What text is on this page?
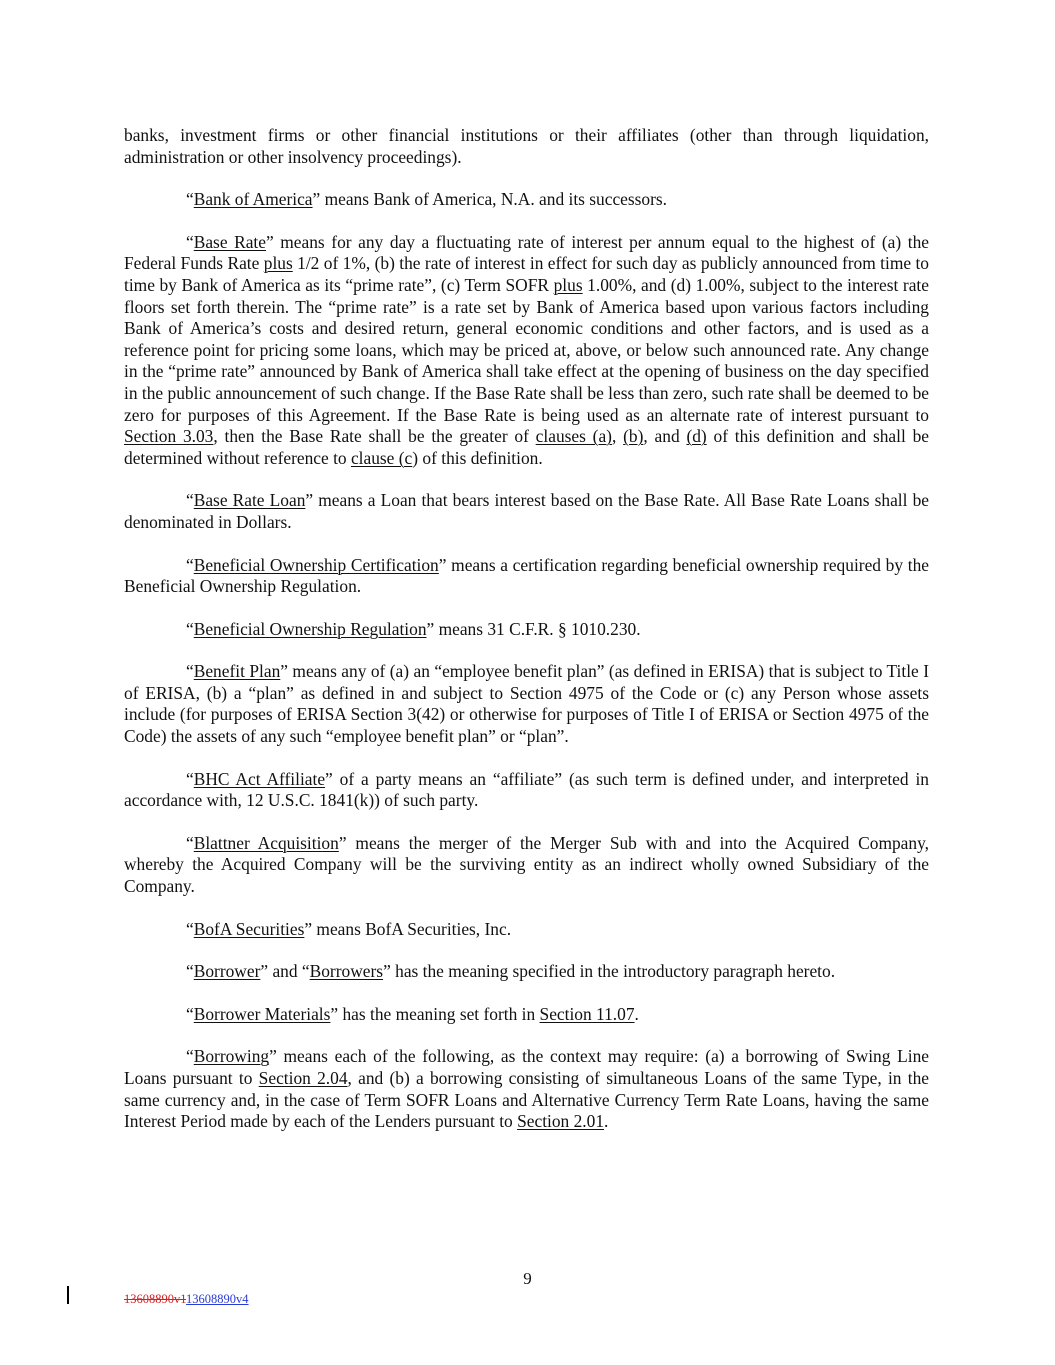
banks, investment firms or other financial institutions or their affiliates (other than through liquidation, administration or other insolvency proceedings).

“Bank of America” means Bank of America, N.A. and its successors.

“Base Rate” means for any day a fluctuating rate of interest per annum equal to the highest of (a) the Federal Funds Rate plus 1/2 of 1%, (b) the rate of interest in effect for such day as publicly announced from time to time by Bank of America as its “prime rate”, (c) Term SOFR plus 1.00%, and (d) 1.00%, subject to the interest rate floors set forth therein. The “prime rate” is a rate set by Bank of America based upon various factors including Bank of America’s costs and desired return, general economic conditions and other factors, and is used as a reference point for pricing some loans, which may be priced at, above, or below such announced rate. Any change in the “prime rate” announced by Bank of America shall take effect at the opening of business on the day specified in the public announcement of such change. If the Base Rate shall be less than zero, such rate shall be deemed to be zero for purposes of this Agreement. If the Base Rate is being used as an alternate rate of interest pursuant to Section 3.03, then the Base Rate shall be the greater of clauses (a), (b), and (d) of this definition and shall be determined without reference to clause (c) of this definition.

“Base Rate Loan” means a Loan that bears interest based on the Base Rate. All Base Rate Loans shall be denominated in Dollars.

“Beneficial Ownership Certification” means a certification regarding beneficial ownership required by the Beneficial Ownership Regulation.

“Beneficial Ownership Regulation” means 31 C.F.R. § 1010.230.

“Benefit Plan” means any of (a) an “employee benefit plan” (as defined in ERISA) that is subject to Title I of ERISA, (b) a “plan” as defined in and subject to Section 4975 of the Code or (c) any Person whose assets include (for purposes of ERISA Section 3(42) or otherwise for purposes of Title I of ERISA or Section 4975 of the Code) the assets of any such “employee benefit plan” or “plan”.

“BHC Act Affiliate” of a party means an “affiliate” (as such term is defined under, and interpreted in accordance with, 12 U.S.C. 1841(k)) of such party.

“Blattner Acquisition” means the merger of the Merger Sub with and into the Acquired Company, whereby the Acquired Company will be the surviving entity as an indirect wholly owned Subsidiary of the Company.

“BofA Securities” means BofA Securities, Inc.

“Borrower” and “Borrowers” has the meaning specified in the introductory paragraph hereto.

“Borrower Materials” has the meaning set forth in Section 11.07.

“Borrowing” means each of the following, as the context may require: (a) a borrowing of Swing Line Loans pursuant to Section 2.04, and (b) a borrowing consisting of simultaneous Loans of the same Type, in the same currency and, in the case of Term SOFR Loans and Alternative Currency Term Rate Loans, having the same Interest Period made by each of the Lenders pursuant to Section 2.01.

9
13608890v113608890v4
